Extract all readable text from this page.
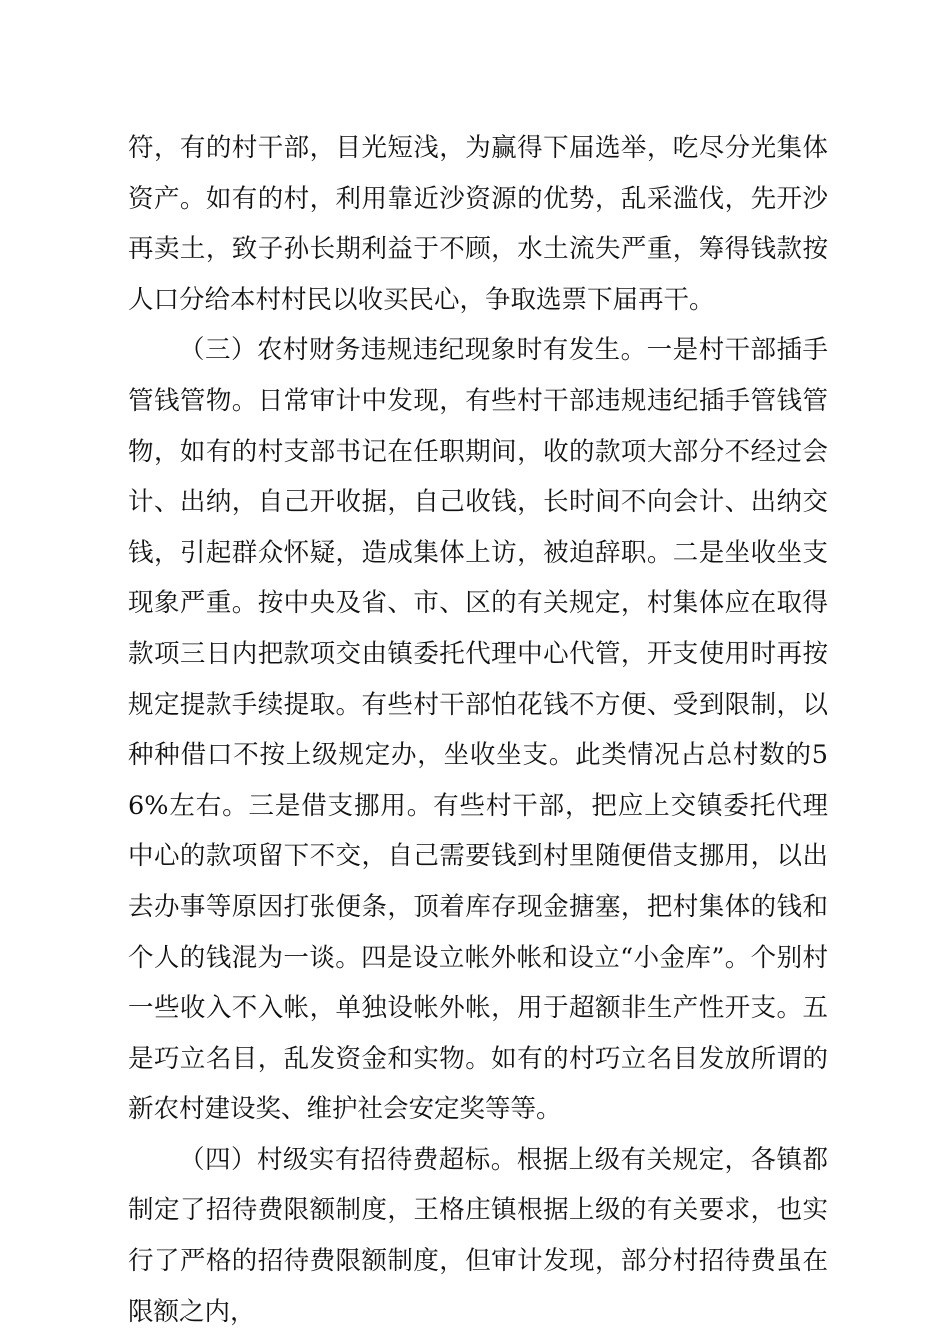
符，有的村干部，目光短浅，为赢得下届选举，吃尽分光集体资产。如有的村，利用靠近沙资源的优势，乱采滥伐，先开沙再卖土，致子孙长期利益于不顾，水土流失严重，筹得钱款按人口分给本村村民以收买民心，争取选票下届再干。

（三）农村财务违规违纪现象时有发生。一是村干部插手管钱管物。日常审计中发现，有些村干部违规违纪插手管钱管物，如有的村支部书记在任职期间，收的款项大部分不经过会计、出纳，自己开收据，自己收钱，长时间不向会计、出纳交钱，引起群众怀疑，造成集体上访，被迫辞职。二是坐收坐支现象严重。按中央及省、市、区的有关规定，村集体应在取得款项三日内把款项交由镇委托代理中心代管，开支使用时再按规定提款手续提取。有些村干部怕花钱不方便、受到限制，以种种借口不按上级规定办，坐收坐支。此类情况占总村数的56%左右。三是借支挪用。有些村干部，把应上交镇委托代理中心的款项留下不交，自己需要钱到村里随便借支挪用，以出去办事等原因打张便条，顶着库存现金搪塞，把村集体的钱和个人的钱混为一谈。四是设立帐外帐和设立“小金库”。个别村一些收入不入帐，单独设帐外帐，用于超额非生产性开支。五是巧立名目，乱发资金和实物。如有的村巧立名目发放所谓的新农村建设奖、维护社会安定奖等等。

（四）村级实有招待费超标。根据上级有关规定，各镇都制定了招待费限额制度，王格庄镇根据上级的有关要求，也实行了严格的招待费限额制度，但审计发现，部分村招待费虽在限额之内，
